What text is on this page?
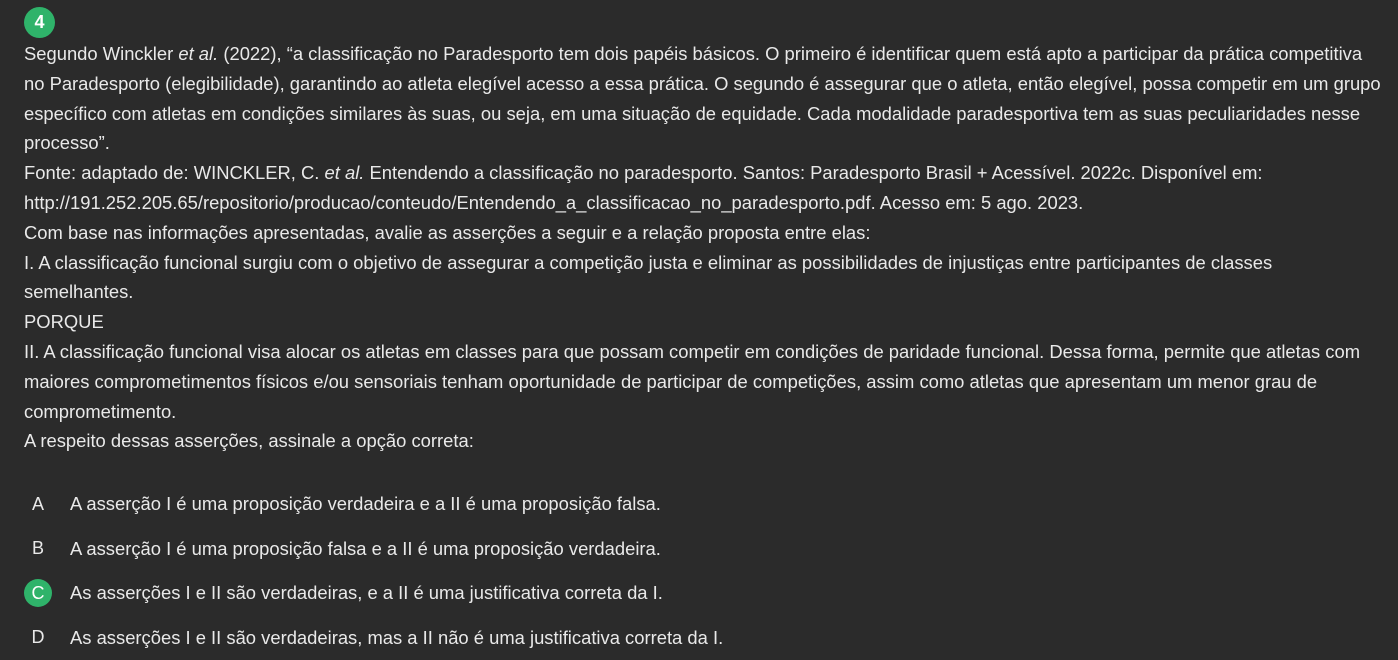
4

Segundo Winckler et al. (2022), “a classificação no Paradesporto tem dois papéis básicos. O primeiro é identificar quem está apto a participar da prática competitiva no Paradesporto (elegibilidade), garantindo ao atleta elegível acesso a essa prática. O segundo é assegurar que o atleta, então elegível, possa competir em um grupo específico com atletas em condições similares às suas, ou seja, em uma situação de equidade. Cada modalidade paradesportiva tem as suas peculiaridades nesse processo”.

Fonte: adaptado de: WINCKLER, C. et al. Entendendo a classificação no paradesporto. Santos: Paradesporto Brasil + Acessível. 2022c. Disponível em: http://191.252.205.65/repositorio/producao/conteudo/Entendendo_a_classificacao_no_paradesporto.pdf. Acesso em: 5 ago. 2023.

Com base nas informações apresentadas, avalie as asserções a seguir e a relação proposta entre elas:

I. A classificação funcional surgiu com o objetivo de assegurar a competição justa e eliminar as possibilidades de injustiças entre participantes de classes semelhantes.

PORQUE

II. A classificação funcional visa alocar os atletas em classes para que possam competir em condições de paridade funcional. Dessa forma, permite que atletas com maiores comprometimentos físicos e/ou sensoriais tenham oportunidade de participar de competições, assim como atletas que apresentam um menor grau de comprometimento.

A respeito dessas asserções, assinale a opção correta:

A	A asserção I é uma proposição verdadeira e a II é uma proposição falsa.
B	A asserção I é uma proposição falsa e a II é uma proposição verdadeira.
C	As asserções I e II são verdadeiras, e a II é uma justificativa correta da I.
D	As asserções I e II são verdadeiras, mas a II não é uma justificativa correta da I.
